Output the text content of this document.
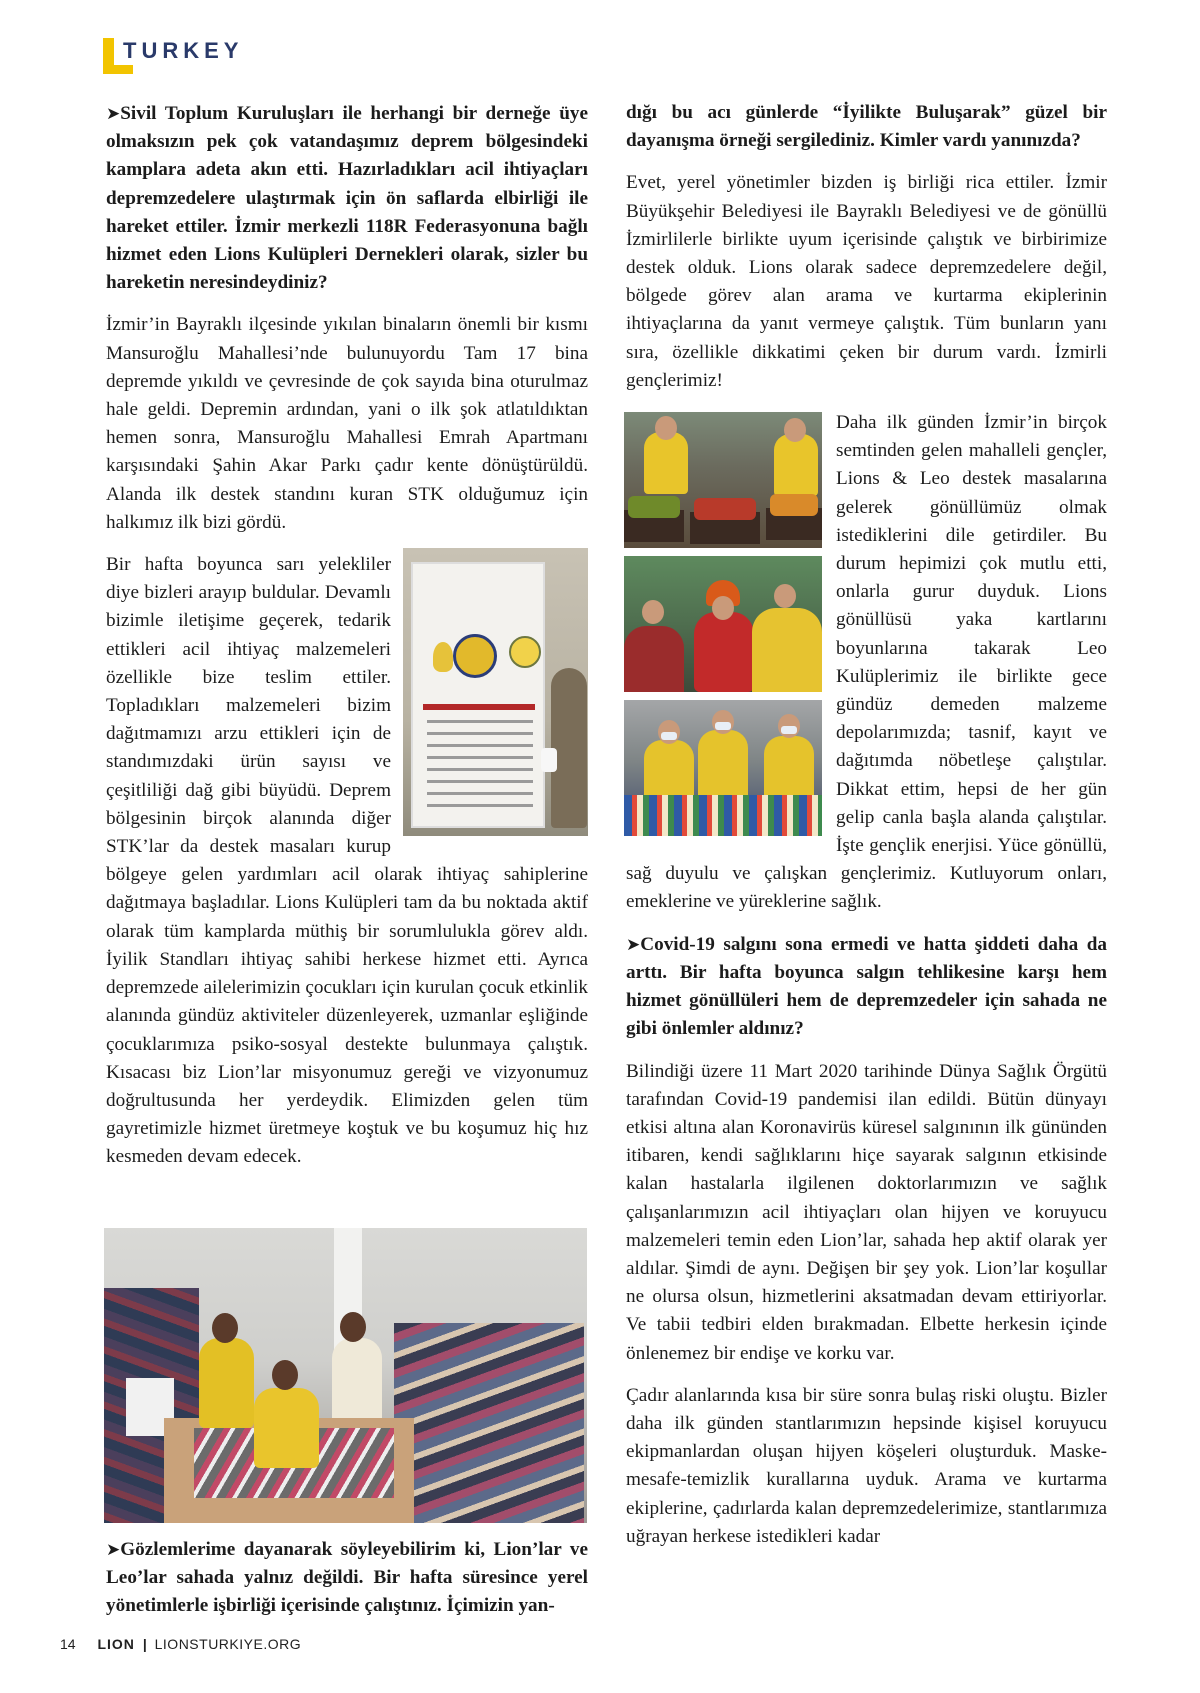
TURKEY

➤Sivil Toplum Kuruluşları ile herhangi bir derneğe üye olmaksızın pek çok vatandaşımız deprem bölgesindeki kamplara adeta akın etti. Hazırladıkları acil ihtiyaçları depremzedelere ulaştırmak için ön saflarda elbirliği ile hareket ettiler. İzmir merkezli 118R Federasyonuna bağlı hizmet eden Lions Kulüpleri Dernekleri olarak, sizler bu hareketin neresindeydiniz?

İzmir’in Bayraklı ilçesinde yıkılan binaların önemli bir kısmı Mansuroğlu Mahallesi’nde bulunuyordu Tam 17 bina depremde yıkıldı ve çevresinde de çok sayıda bina oturulmaz hale geldi. Depremin ardından, yani o ilk şok atlatıldıktan hemen sonra, Mansuroğlu Mahallesi Emrah Apartmanı karşısındaki Şahin Akar Parkı çadır kente dönüştürüldü. Alanda ilk destek standını kuran STK olduğumuz için halkımız ilk bizi gördü.

Bir hafta boyunca sarı yelekliler diye bizleri arayıp buldular. Devamlı bizimle iletişime geçerek, tedarik ettikleri acil ihtiyaç malzemeleri özellikle bize teslim ettiler. Topladıkları malzemeleri bizim dağıtmamızı arzu ettikleri için de standımızdaki ürün sayısı ve çeşitliliği dağ gibi büyüdü. Deprem bölgesinin birçok alanında diğer STK’lar da destek masaları kurup bölgeye gelen yardımları acil olarak ihtiyaç sahiplerine dağıtmaya başladılar. Lions Kulüpleri tam da bu noktada aktif olarak tüm kamplarda müthiş bir sorumlulukla görev aldı. İyilik Standları ihtiyaç sahibi herkese hizmet etti. Ayrıca depremzede ailelerimizin çocukları için kurulan çocuk etkinlik alanında gündüz aktiviteler düzenleyerek, uzmanlar eşliğinde çocuklarımıza psiko-sosyal destekte bulunmaya çalıştık. Kısacası biz Lion’lar misyonumuz gereği ve vizyonumuz doğrultusunda her yerdeydik. Elimizden gelen tüm gayretimizle hizmet üretmeye koştuk ve bu koşumuz hiç hız kesmeden devam edecek.

➤Gözlemlerime dayanarak söyleyebilirim ki, Lion’lar ve Leo’lar sahada yalnız değildi. Bir hafta süresince yerel yönetimlerle işbirliği içerisinde çalıştınız. İçimizin yan-

dığı bu acı günlerde “İyilikte Buluşarak” güzel bir dayanışma örneği sergilediniz. Kimler vardı yanınızda?

Evet, yerel yönetimler bizden iş birliği rica ettiler. İzmir Büyükşehir Belediyesi ile Bayraklı Belediyesi ve de gönüllü İzmirlilerle birlikte uyum içerisinde çalıştık ve birbirimize destek olduk. Lions olarak sadece depremzedelere değil, bölgede görev alan arama ve kurtarma ekiplerinin ihtiyaçlarına da yanıt vermeye çalıştık. Tüm bunların yanı sıra, özellikle dikkatimi çeken bir durum vardı. İzmirli gençlerimiz!

Daha ilk günden İzmir’in birçok semtinden gelen mahalleli gençler, Lions & Leo destek masalarına gelerek gönüllümüz olmak istediklerini dile getirdiler. Bu durum hepimizi çok mutlu etti, onlarla gurur duyduk. Lions gönüllüsü yaka kartlarını boyunlarına takarak Leo Kulüplerimiz ile birlikte gece gündüz demeden malzeme depolarımızda; tasnif, kayıt ve dağıtımda nöbetleşe çalıştılar. Dikkat ettim, hepsi de her gün gelip canla başla alanda çalıştılar. İşte gençlik enerjisi. Yüce gönüllü, sağ duyulu ve çalışkan gençlerimiz. Kutluyorum onları, emeklerine ve yüreklerine sağlık.

➤Covid-19 salgını sona ermedi ve hatta şiddeti daha da arttı. Bir hafta boyunca salgın tehlikesine karşı hem hizmet gönüllüleri hem de depremzedeler için sahada ne gibi önlemler aldınız?

Bilindiği üzere 11 Mart 2020 tarihinde Dünya Sağlık Örgütü tarafından Covid-19 pandemisi ilan edildi. Bütün dünyayı etkisi altına alan Koronavirüs küresel salgınının ilk gününden itibaren, kendi sağlıklarını hiçe sayarak salgının etkisinde kalan hastalarla ilgilenen doktorlarımızın ve sağlık çalışanlarımızın acil ihtiyaçları olan hijyen ve koruyucu malzemeleri temin eden Lion’lar, sahada hep aktif olarak yer aldılar. Şimdi de aynı. Değişen bir şey yok. Lion’lar koşullar ne olursa olsun, hizmetlerini aksatmadan devam ettiriyorlar. Ve tabii tedbiri elden bırakmadan. Elbette herkesin içinde önlenemez bir endişe ve korku var.

Çadır alanlarında kısa bir süre sonra bulaş riski oluştu. Bizler daha ilk günden stantlarımızın hepsinde kişisel koruyucu ekipmanlardan oluşan hijyen köşeleri oluşturduk. Maske-mesafe-temizlik kurallarına uyduk. Arama ve kurtarma ekiplerine, çadırlarda kalan depremzedelerimize, stantlarımıza uğrayan herkese istedikleri kadar

14 LION | LIONSTURKIYE.ORG
